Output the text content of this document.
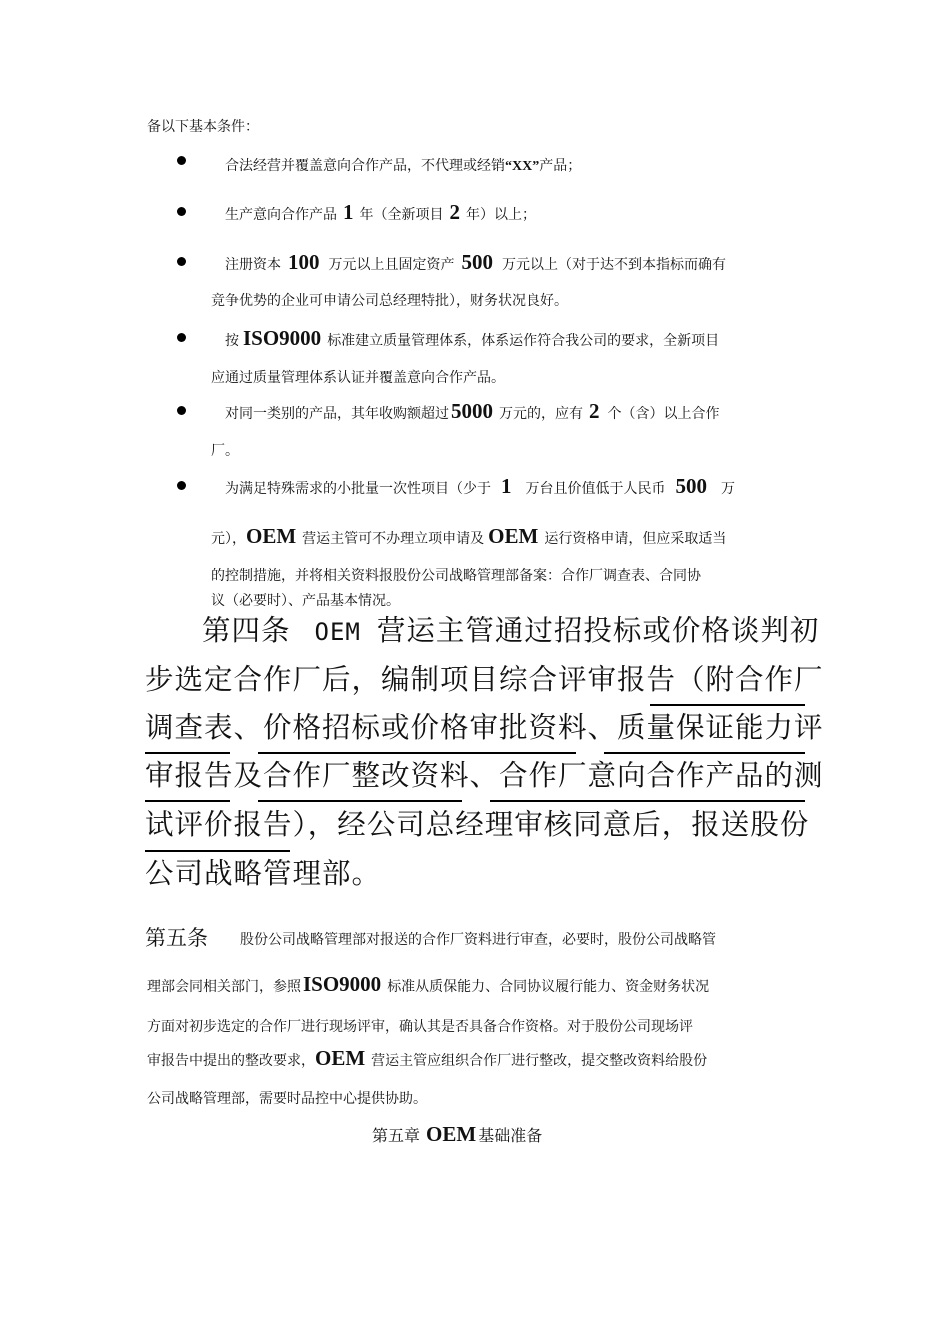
备以下基本条件：
合法经营并覆盖意向合作产品，不代理或经销“XX”产品；
生产意向合作产品 1 年（全新项目 2 年）以上；
注册资本 100 万元以上且固定资产 500 万元以上（对于达不到本指标而确有
竞争优势的企业可申请公司总经理特批），财务状况良好。
按 ISO9000 标准建立质量管理体系，体系运作符合我公司的要求，全新项目
应通过质量管理体系认证并覆盖意向合作产品。
对同一类别的产品，其年收购额超过5000 万元的，应有 2 个（含）以上合作
厂。
为满足特殊需求的小批量一次性项目（少于 1 万台且价值低于人民币 500 万
元），OEM 营运主管可不办理立项申请及 OEM 运行资格申请，但应采取适当
的控制措施，并将相关资料报股份公司战略管理部备案：合作厂调查表、合同协
议（必要时）、产品基本情况。
第四条 OEM 营运主管通过招投标或价格谈判初
步选定合作厂后，编制项目综合评审报告（附合作厂
调查表、价格招标或价格审批资料、质量保证能力评
审报告及合作厂整改资料、合作厂意向合作产品的测
试评价报告），经公司总经理审核同意后，报送股份
公司战略管理部。
第五条 股份公司战略管理部对报送的合作厂资料进行审查，必要时，股份公司战略管
理部会同相关部门，参照ISO9000 标准从质保能力、合同协议履行能力、资金财务状况
方面对初步选定的合作厂进行现场评审，确认其是否具备合作资格。对于股份公司现场评
审报告中提出的整改要求，OEM 营运主管应组织合作厂进行整改，提交整改资料给股份
公司战略管理部，需要时品控中心提供协助。
第五章 OEM 基础准备
